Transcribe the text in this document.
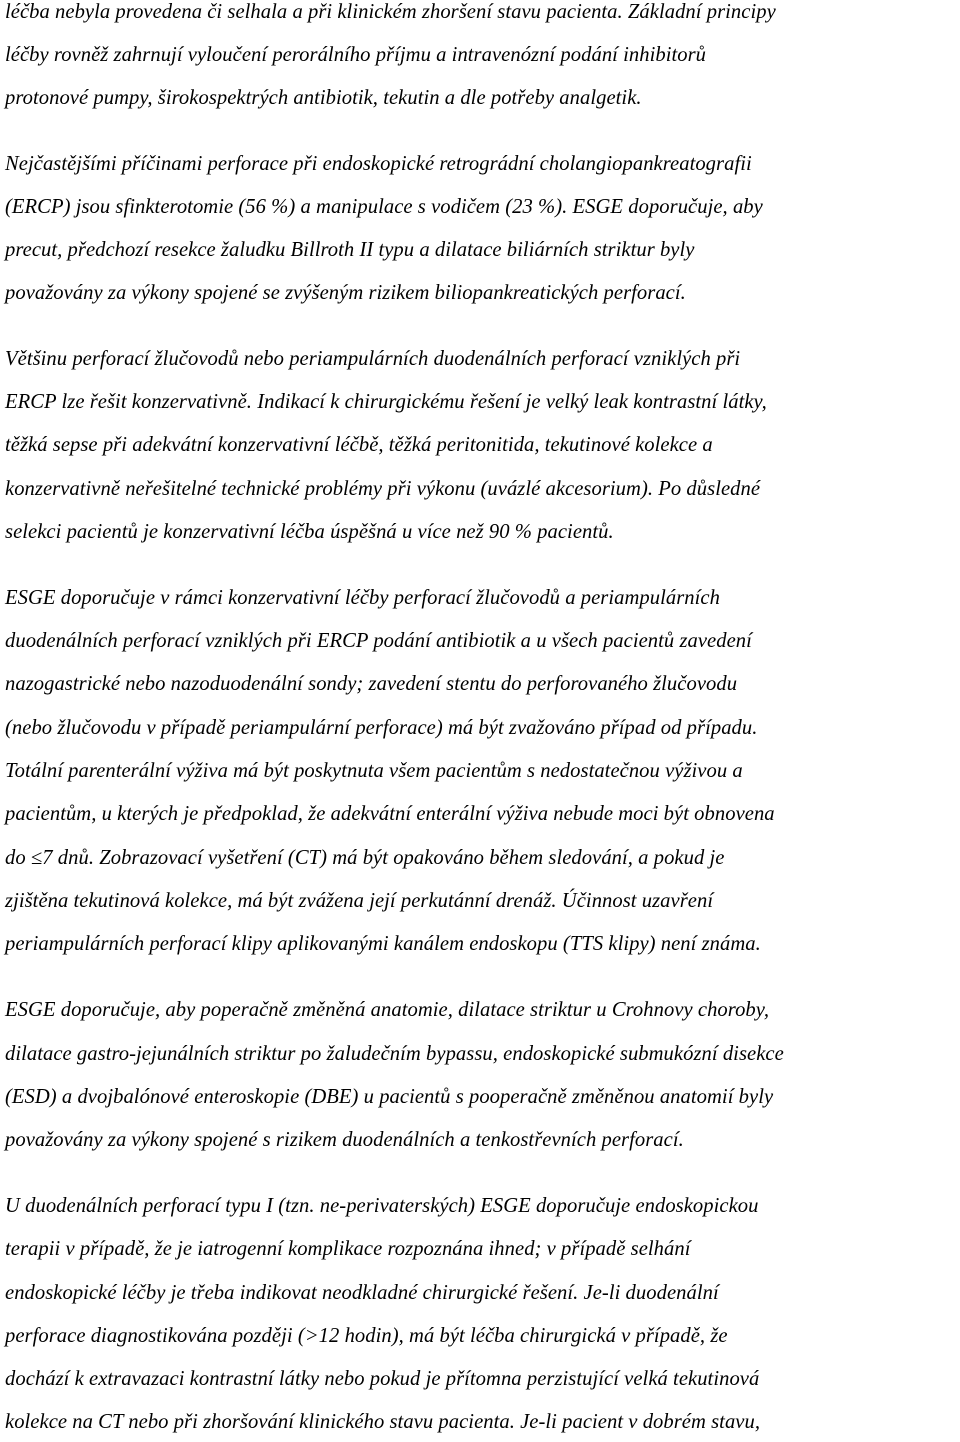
léčba nebyla provedena či selhala a při klinickém zhoršení stavu pacienta. Základní principy
léčby rovněž zahrnují vyloučení perorálního příjmu a intravenózní podání inhibitorů
protonové pumpy, širokospektrých antibiotik, tekutin a dle potřeby analgetik.
Nejčastějšími příčinami perforace při endoskopické retrográdní cholangiopankreatografii
(ERCP) jsou sfinkterotomie (56 %) a manipulace s vodičem (23 %). ESGE doporučuje, aby
precut, předchozí resekce žaludku Billroth II typu a dilatace biliárních striktur byly
považovány za výkony spojené se zvýšeným rizikem biliopankreatických perforací.
Většinu perforací žlučovodů nebo periampulárních duodenálních perforací vzniklých při
ERCP lze řešit konzervativně. Indikací k chirurgickému řešení je velký leak kontrastní látky,
těžká sepse při adekvátní konzervativní léčbě, těžká peritonitida, tekutinové kolekce a
konzervativně neřešitelné technické problémy při výkonu (uvázlé akcesorium). Po důsledné
selekci pacientů je konzervativní léčba úspěšná u více než 90 % pacientů.
ESGE doporučuje v rámci konzervativní léčby perforací žlučovodů a periampulárních
duodenálních perforací vzniklých při ERCP podání antibiotik a u všech pacientů zavedení
nazogastrické nebo nazoduodenální sondy; zavedení stentu do perforovaného žlučovodu
(nebo žlučovodu v případě periampulární perforace) má být zvažováno případ od případu.
Totální parenterální výživa má být poskytnuta všem pacientům s nedostatečnou výživou a
pacientům, u kterých je předpoklad, že adekvátní enterální výživa nebude moci být obnovena
do ≤7 dnů. Zobrazovací vyšetření (CT) má být opakováno během sledování, a pokud je
zjištěna tekutinová kolekce, má být zvážena její perkutánní drenáž. Účinnost uzavření
periampulárních perforací klipy aplikovanými kanálem endoskopu (TTS klipy) není známa.
ESGE doporučuje, aby poperačně změněná anatomie, dilatace striktur u Crohnovy choroby,
dilatace gastro-jejunálních striktur po žaludečním bypassu, endoskopické submukózní disekce
(ESD) a dvojbalónové enteroskopie (DBE) u pacientů s pooperačně změněnou anatomií byly
považovány za výkony spojené s rizikem duodenálních a tenkostřevních perforací.
U duodenálních perforací typu I (tzn. ne-perivaterských) ESGE doporučuje endoskopickou
terapii v případě, že je iatrogenní komplikace rozpoznána ihned; v případě selhání
endoskopické léčby je třeba indikovat neodkladné chirurgické řešení. Je-li duodenální
perforace diagnostikována později (>12 hodin), má být léčba chirurgická v případě, že
dochází k extravazaci kontrastní látky nebo pokud je přítomna perzistující velká tekutinová
kolekce na CT nebo při zhoršování klinického stavu pacienta. Je-li pacient v dobrém stavu,
